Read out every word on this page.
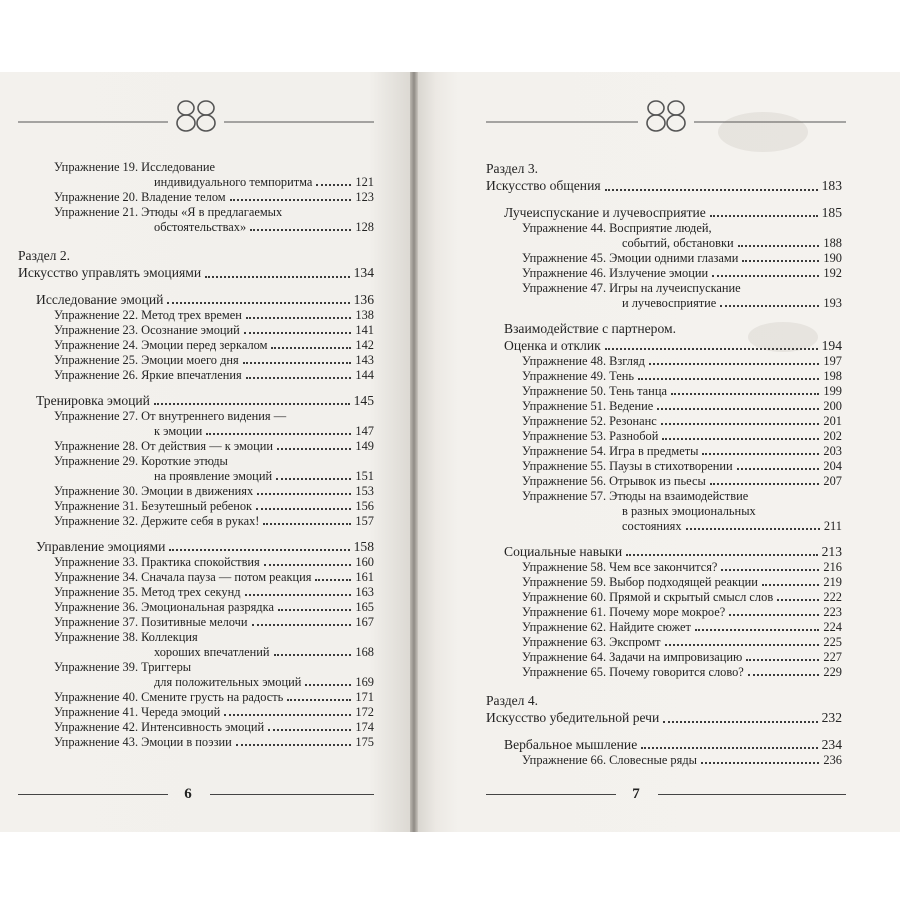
Упражнение 19. Исследование
индивидуального темпоритма	121
Упражнение 20. Владение телом	123
Упражнение 21. Этюды «Я в предлагаемых
обстоятельствах»	128
Раздел 2.
Искусство управлять эмоциями	134
Исследование эмоций	136
Упражнение 22. Метод трех времен	138
Упражнение 23. Осознание эмоций	141
Упражнение 24. Эмоции перед зеркалом	142
Упражнение 25. Эмоции моего дня	143
Упражнение 26. Яркие впечатления	144
Тренировка эмоций	145
Упражнение 27. От внутреннего видения —
к эмоции	147
Упражнение 28. От действия — к эмоции	149
Упражнение 29. Короткие этюды
на проявление эмоций	151
Упражнение 30. Эмоции в движениях	153
Упражнение 31. Безутешный ребенок	156
Упражнение 32. Держите себя в руках!	157
Управление эмоциями	158
Упражнение 33. Практика спокойствия	160
Упражнение 34. Сначала пауза — потом реакция	161
Упражнение 35. Метод трех секунд	163
Упражнение 36. Эмоциональная разрядка	165
Упражнение 37. Позитивные мелочи	167
Упражнение 38. Коллекция
хороших впечатлений	168
Упражнение 39. Триггеры
для положительных эмоций	169
Упражнение 40. Смените грусть на радость	171
Упражнение 41. Череда эмоций	172
Упражнение 42. Интенсивность эмоций	174
Упражнение 43. Эмоции в поэзии	175
6
Раздел 3.
Искусство общения	183
Лучеиспускание и лучевосприятие	185
Упражнение 44. Восприятие людей,
событий, обстановки	188
Упражнение 45. Эмоции одними глазами	190
Упражнение 46. Излучение эмоции	192
Упражнение 47. Игры на лучеиспускание
и лучевосприятие	193
Взаимодействие с партнером.
Оценка и отклик	194
Упражнение 48. Взгляд	197
Упражнение 49. Тень	198
Упражнение 50. Тень танца	199
Упражнение 51. Ведение	200
Упражнение 52. Резонанс	201
Упражнение 53. Разнобой	202
Упражнение 54. Игра в предметы	203
Упражнение 55. Паузы в стихотворении	204
Упражнение 56. Отрывок из пьесы	207
Упражнение 57. Этюды на взаимодействие
в разных эмоциональных
состояниях	211
Социальные навыки	213
Упражнение 58. Чем все закончится?	216
Упражнение 59. Выбор подходящей реакции	219
Упражнение 60. Прямой и скрытый смысл слов	222
Упражнение 61. Почему море мокрое?	223
Упражнение 62. Найдите сюжет	224
Упражнение 63. Экспромт	225
Упражнение 64. Задачи на импровизацию	227
Упражнение 65. Почему говорится слово?	229
Раздел 4.
Искусство убедительной речи	232
Вербальное мышление	234
Упражнение 66. Словесные ряды	236
7
